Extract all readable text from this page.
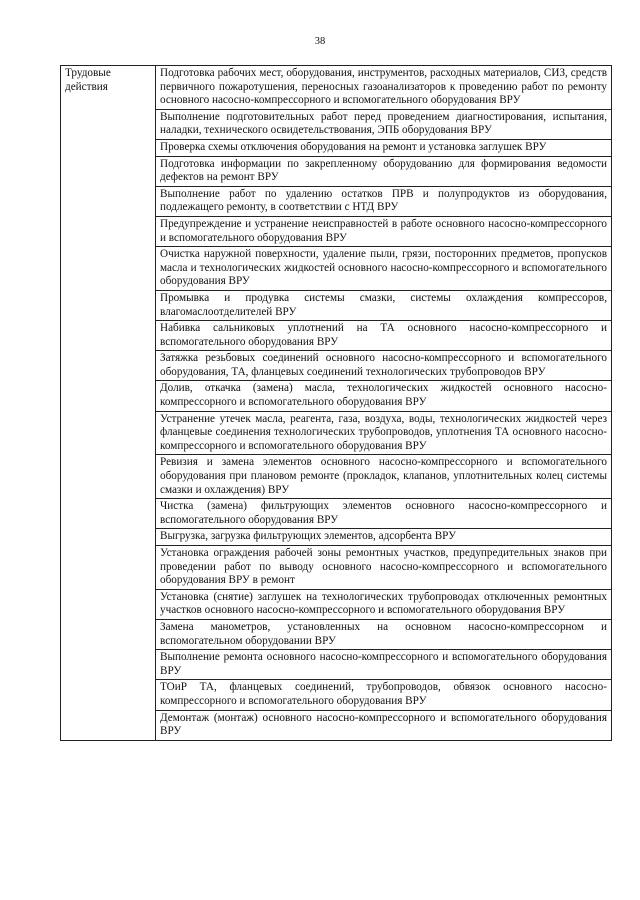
38
Трудовые действия	Подготовка рабочих мест, оборудования, инструментов, расходных материалов, СИЗ, средств первичного пожаротушения, переносных газоанализаторов к проведению работ по ремонту основного насосно-компрессорного и вспомогательного оборудования ВРУ
Выполнение подготовительных работ перед проведением диагностирования, испытания, наладки, технического освидетельствования, ЭПБ оборудования ВРУ
Проверка схемы отключения оборудования на ремонт и установка заглушек ВРУ
Подготовка информации по закрепленному оборудованию для формирования ведомости дефектов на ремонт ВРУ
Выполнение работ по удалению остатков ПРВ и полупродуктов из оборудования, подлежащего ремонту, в соответствии с НТД ВРУ
Предупреждение и устранение неисправностей в работе основного насосно-компрессорного и вспомогательного оборудования ВРУ
Очистка наружной поверхности, удаление пыли, грязи, посторонних предметов, пропусков масла и технологических жидкостей основного насосно-компрессорного и вспомогательного оборудования ВРУ
Промывка и продувка системы смазки, системы охлаждения компрессоров, влагомаслоотделителей ВРУ
Набивка сальниковых уплотнений на ТА основного насосно-компрессорного и вспомогательного оборудования ВРУ
Затяжка резьбовых соединений основного насосно-компрессорного и вспомогательного оборудования, ТА, фланцевых соединений технологических трубопроводов ВРУ
Долив, откачка (замена) масла, технологических жидкостей основного насосно-компрессорного и вспомогательного оборудования ВРУ
Устранение утечек масла, реагента, газа, воздуха, воды, технологических жидкостей через фланцевые соединения технологических трубопроводов, уплотнения ТА основного насосно-компрессорного и вспомогательного оборудования ВРУ
Ревизия и замена элементов основного насосно-компрессорного и вспомогательного оборудования при плановом ремонте (прокладок, клапанов, уплотнительных колец системы смазки и охлаждения) ВРУ
Чистка (замена) фильтрующих элементов основного насосно-компрессорного и вспомогательного оборудования ВРУ
Выгрузка, загрузка фильтрующих элементов, адсорбента ВРУ
Установка ограждения рабочей зоны ремонтных участков, предупредительных знаков при проведении работ по выводу основного насосно-компрессорного и вспомогательного оборудования ВРУ в ремонт
Установка (снятие) заглушек на технологических трубопроводах отключенных ремонтных участков основного насосно-компрессорного и вспомогательного оборудования ВРУ
Замена манометров, установленных на основном насосно-компрессорном и вспомогательном оборудовании ВРУ
Выполнение ремонта основного насосно-компрессорного и вспомогательного оборудования ВРУ
ТОиР ТА, фланцевых соединений, трубопроводов, обвязок основного насосно-компрессорного и вспомогательного оборудования ВРУ
Демонтаж (монтаж) основного насосно-компрессорного и вспомогательного оборудования ВРУ
